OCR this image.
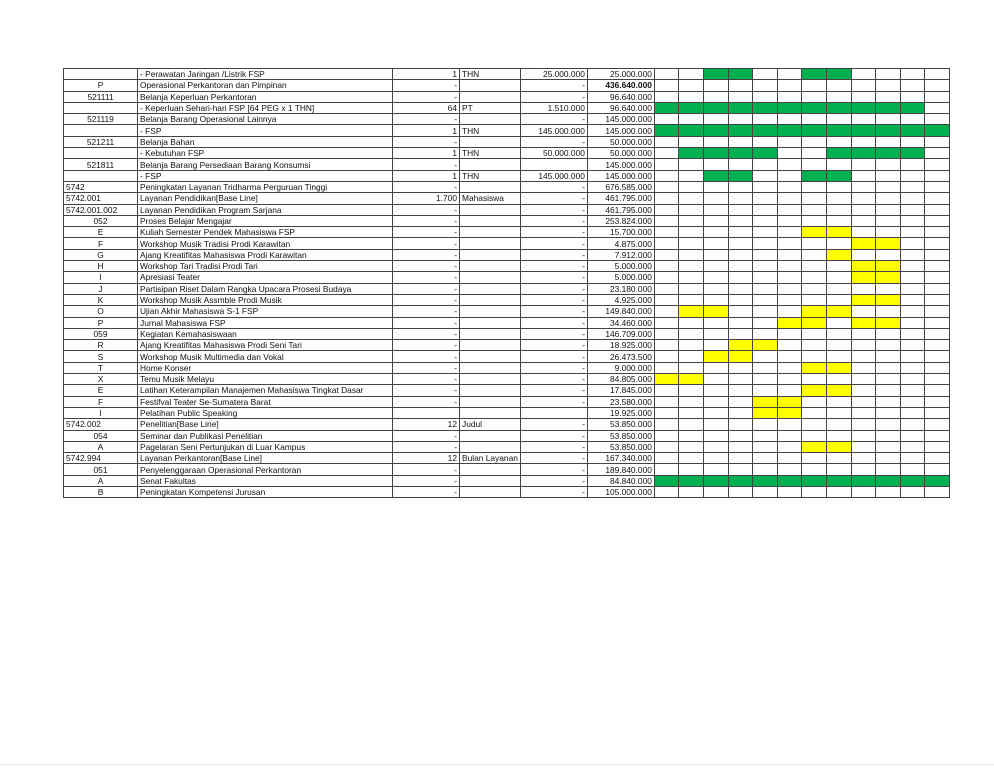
	- Perawatan Jaringan /Listrik FSP	1	THN	25.000.000	25.000.000												
P	Operasional Perkantoran dan Pimpinan	-		-	436.640.000												
521111	Belanja Keperluan Perkantoran	-		-	96.640.000												
	- Keperluan Sehari-hari FSP [64 PEG x 1 THN]	64	PT	1.510.000	96.640.000												
521119	Belanja Barang Operasional Lainnya	-		-	145.000.000												
	- FSP	1	THN	145.000.000	145.000.000												
521211	Belanja Bahan	-		-	50.000.000												
	- Kebutuhan FSP	1	THN	50.000.000	50.000.000												
521811	Belanja Barang Persediaan Barang Konsumsi	-			145.000.000												
	- FSP	1	THN	145.000.000	145.000.000												
5742	Peningkatan Layanan Tridharma Perguruan Tinggi	-		-	676.585.000												
5742.001	Layanan Pendidikan[Base Line]	1.700	Mahasiswa	-	461.795.000												
5742.001.002	Layanan Pendidikan Program Sarjana	-		-	461.795.000												
052	Proses Belajar Mengajar	-		-	253.824.000												
E	Kuliah Semester Pendek Mahasiswa FSP	-		-	15.700.000												
F	Workshop Musik Tradisi Prodi Karawitan	-		-	4.875.000												
G	Ajang Kreatifitas Mahasiswa Prodi Karawitan	-		-	7.912.000												
H	Workshop Tari Tradisi Prodi Tari	-		-	5.000.000												
I	Apresiasi Teater	-		-	5.000.000												
J	Partisipan Riset Dalam Rangka Upacara Prosesi Budaya	-		-	23.180.000												
K	Workshop Musik Assmble Prodi Musik	-		-	4.925.000												
O	Ujian Akhir Mahasiswa S-1 FSP	-		-	149.840.000												
P	Jurnal Mahasiswa FSP	-		-	34.460.000												
059	Kegiatan Kemahasiswaan	-		-	146.709.000												
R	Ajang Kreatifitas Mahasiswa Prodi Seni Tari	-		-	18.925.000												
S	Workshop Musik Multimedia dan Vokal	-		-	26.473.500												
T	Home Konser	-		-	9.000.000												
X	Temu Musik Melayu	-		-	84.805.000												
E	Latihan Keterampilan Manajemen Mahasiswa Tingkat Dasar	-		-	17.845.000												
F	Festifval Teater Se-Sumatera Barat	-		-	23.580.000												
I	Pelatihan Public Speaking				19.925.000												
5742.002	Penelitian[Base Line]	12	Judul	-	53.850.000												
054	Seminar dan Publikasi Penelitian	-		-	53.850.000												
A	Pagelaran Seni Pertunjukan di Luar Kampus	-		-	53.850.000												
5742.994	Layanan Perkantoran[Base Line]	12	Bulan Layanan	-	167.340.000												
051	Penyelenggaraan Operasional Perkantoran	-		-	189.840.000												
A	Senat Fakultas	-		-	84.840.000												
B	Peningkatan Kompetensi Jurusan	-		-	105.000.000												
